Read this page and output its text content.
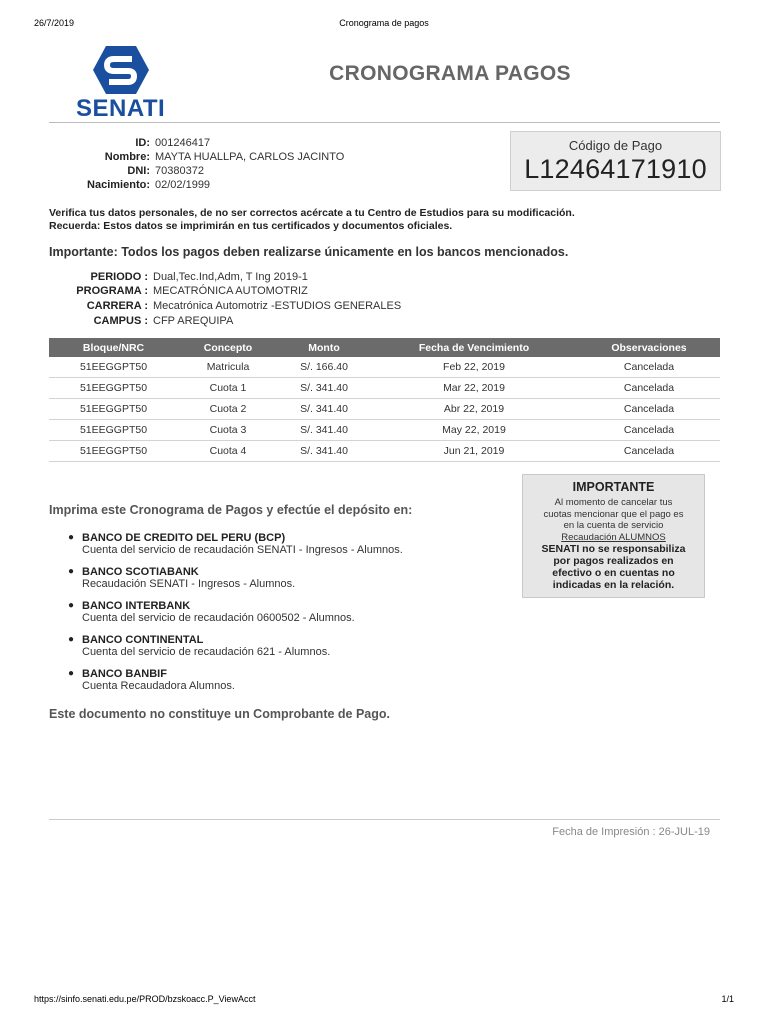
26/7/2019	Cronograma de pagos
SENATI
CRONOGRAMA PAGOS
ID: 001246417
Nombre: MAYTA HUALLPA, CARLOS JACINTO
DNI: 70380372
Nacimiento: 02/02/1999
Código de Pago
L12464171910
Verifica tus datos personales, de no ser correctos acércate a tu Centro de Estudios para su modificación.
Recuerda: Estos datos se imprimirán en tus certificados y documentos oficiales.
Importante: Todos los pagos deben realizarse únicamente en los bancos mencionados.
PERIODO : Dual,Tec.Ind,Adm, T Ing 2019-1
PROGRAMA : MECATRÓNICA AUTOMOTRIZ
CARRERA : Mecatrónica Automotriz -ESTUDIOS GENERALES
CAMPUS : CFP AREQUIPA
Bloque/NRC	Concepto	Monto	Fecha de Vencimiento	Observaciones
51EEGGPT50	Matricula	S/. 166.40	Feb 22, 2019	Cancelada
51EEGGPT50	Cuota 1	S/. 341.40	Mar 22, 2019	Cancelada
51EEGGPT50	Cuota 2	S/. 341.40	Abr 22, 2019	Cancelada
51EEGGPT50	Cuota 3	S/. 341.40	May 22, 2019	Cancelada
51EEGGPT50	Cuota 4	S/. 341.40	Jun 21, 2019	Cancelada
IMPORTANTE
Al momento de cancelar tus
cuotas mencionar que el pago es
en la cuenta de servicio
Recaudación ALUMNOS
SENATI no se responsabiliza
por pagos realizados en
efectivo o en cuentas no
indicadas en la relación.
Imprima este Cronograma de Pagos y efectúe el depósito en:
● BANCO DE CREDITO DEL PERU (BCP)
Cuenta del servicio de recaudación SENATI - Ingresos - Alumnos.
● BANCO SCOTIABANK
Recaudación SENATI - Ingresos - Alumnos.
● BANCO INTERBANK
Cuenta del servicio de recaudación 0600502 - Alumnos.
● BANCO CONTINENTAL
Cuenta del servicio de recaudación 621 - Alumnos.
● BANCO BANBIF
Cuenta Recaudadora Alumnos.
Este documento no constituye un Comprobante de Pago.
Fecha de Impresión : 26-JUL-19
https://sinfo.senati.edu.pe/PROD/bzskoacc.P_ViewAcct	1/1
